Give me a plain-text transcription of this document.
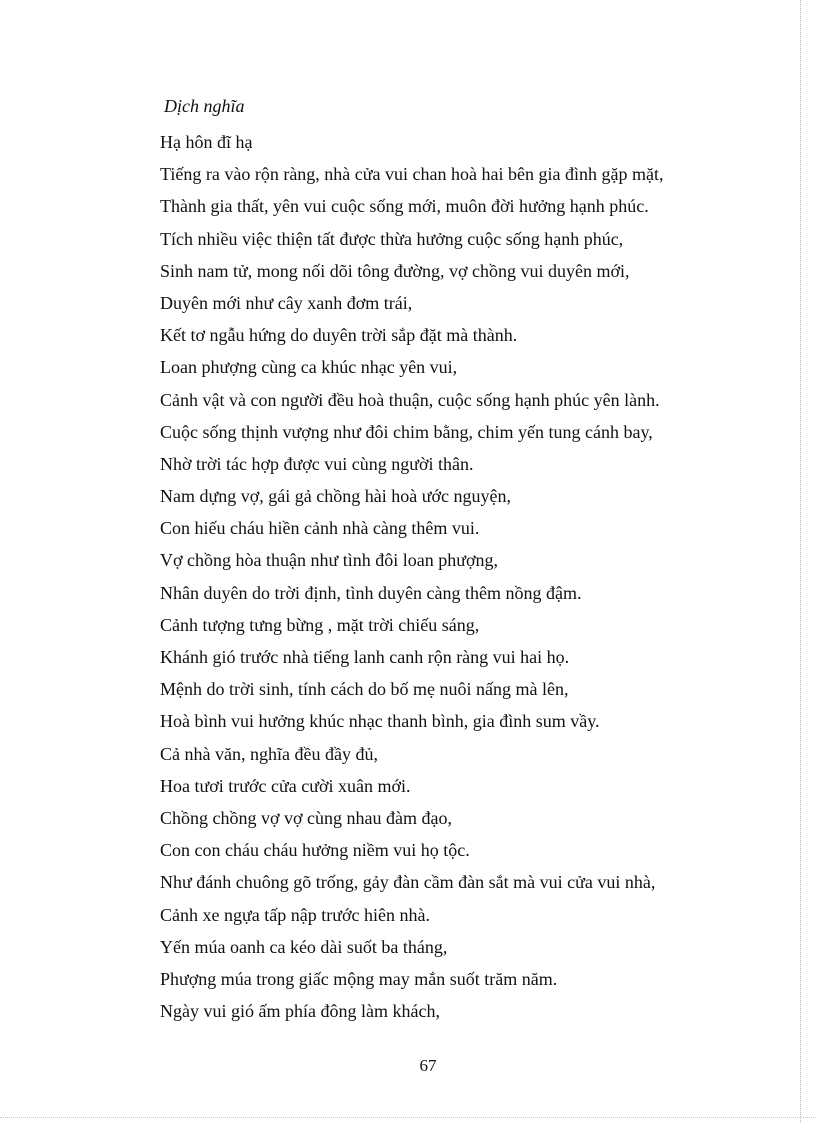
Dịch nghĩa
Hạ hôn đĩ hạ
Tiếng ra vào rộn ràng, nhà cửa vui chan hoà hai bên gia đình gặp mặt,
Thành gia thất, yên vui cuộc sống mới, muôn đời hưởng hạnh phúc.
Tích nhiều việc thiện tất được thừa hưởng cuộc sống hạnh phúc,
Sinh nam tử, mong nối dõi tông đường, vợ chồng vui duyên mới,
Duyên mới như cây xanh đơm trái,
Kết tơ ngẫu hứng do duyên trời sắp đặt mà thành.
Loan phượng cùng ca khúc nhạc yên vui,
Cảnh vật và con người đều hoà thuận, cuộc sống hạnh phúc yên lành.
Cuộc sống thịnh vượng như đôi chim bằng, chim yến tung cánh bay,
Nhờ trời tác hợp được vui cùng người thân.
Nam dựng vợ, gái gả chồng hài hoà ước nguyện,
Con hiếu cháu hiền cảnh nhà càng thêm vui.
Vợ chồng hòa thuận như tình đôi loan phượng,
Nhân duyên do trời định, tình duyên càng thêm nồng đậm.
Cảnh tượng tưng bừng , mặt trời chiếu sáng,
Khánh gió trước nhà tiếng lanh canh rộn ràng vui hai họ.
Mệnh do trời sinh, tính cách do bố mẹ nuôi nấng mà lên,
Hoà bình vui hưởng khúc nhạc thanh bình, gia đình sum vầy.
Cả nhà văn, nghĩa đều đầy đủ,
Hoa tươi trước cửa cười xuân mới.
Chồng chồng vợ vợ cùng nhau đàm đạo,
Con con cháu cháu hưởng niềm vui họ tộc.
Như đánh chuông gõ trống, gảy đàn cầm đàn sắt mà vui cửa vui nhà,
Cảnh xe ngựa tấp nập trước hiên nhà.
Yến múa oanh ca kéo dài suốt ba tháng,
Phượng múa trong giấc mộng may mắn suốt trăm năm.
Ngày vui gió ấm phía đông làm khách,
67
